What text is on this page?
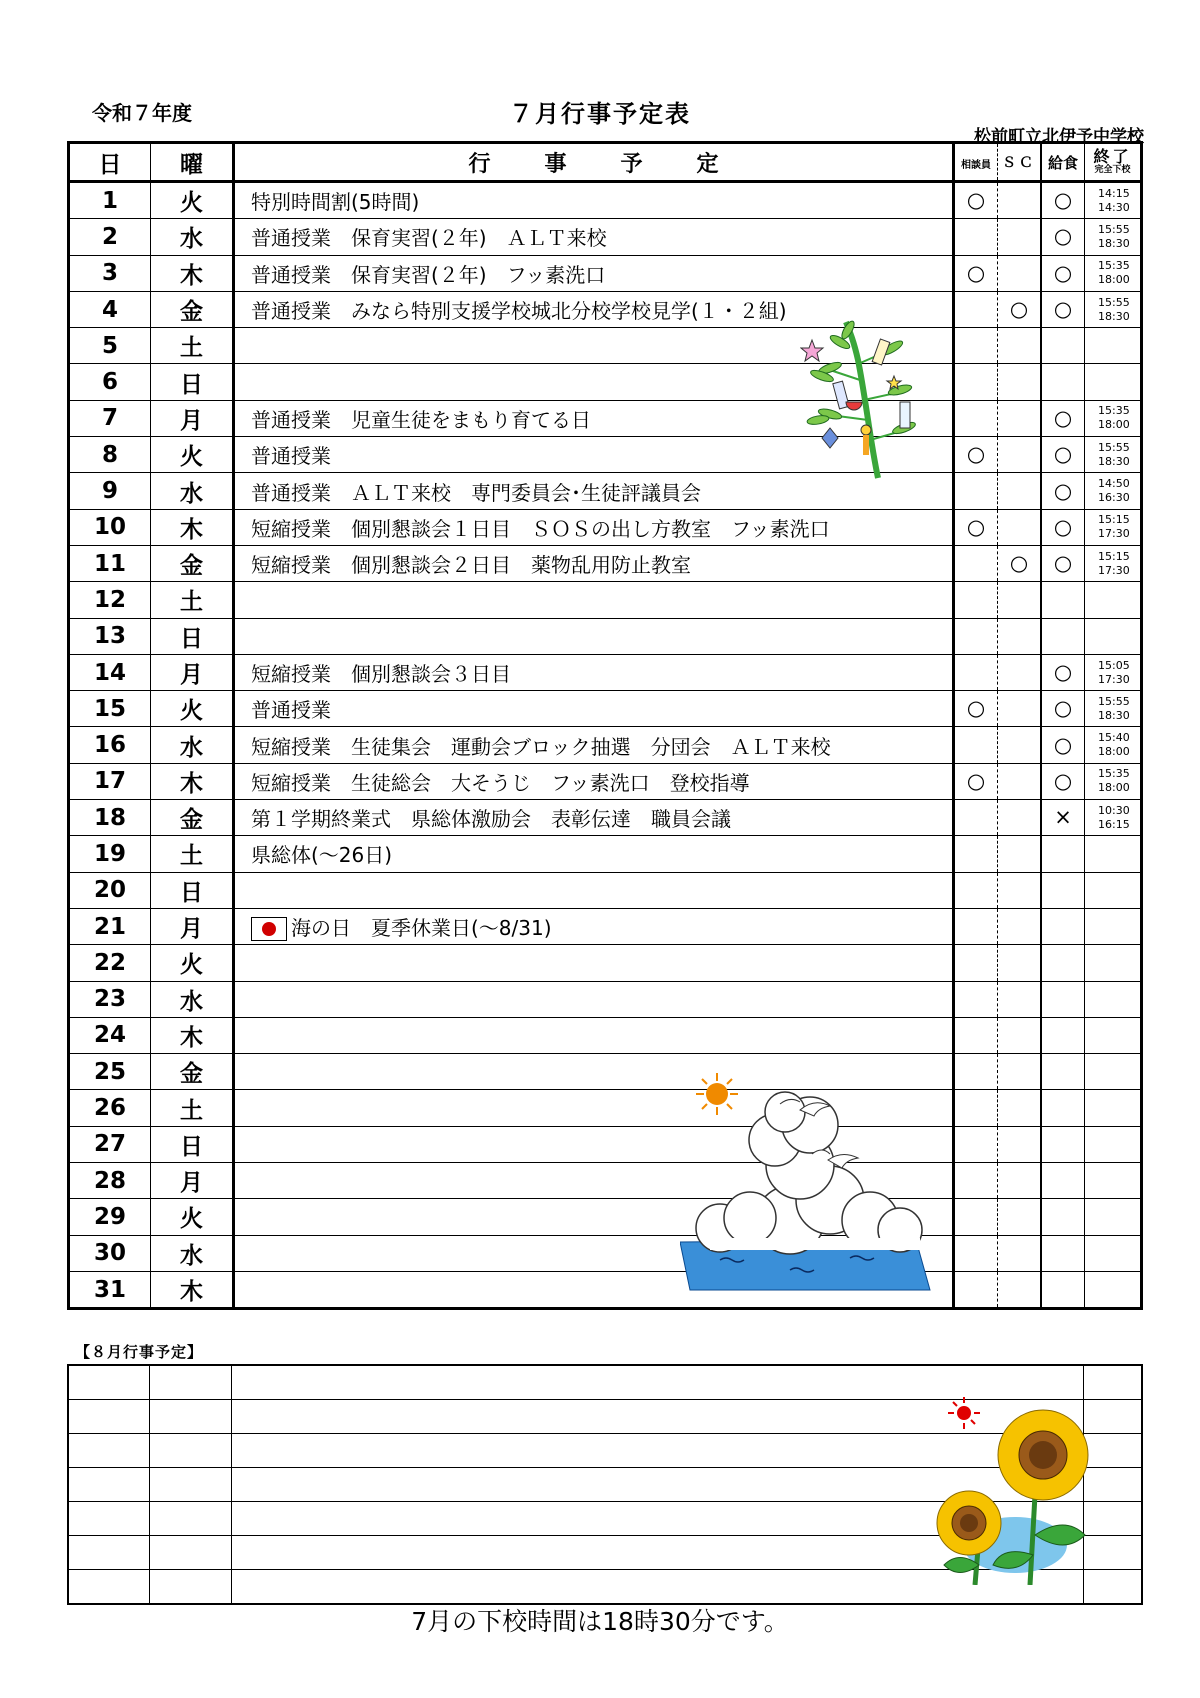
令和７年度	７月行事予定表
松前町立北伊予中学校
日	曜	行事予定	相談員	ＳＣ	給食	終了
完全下校

1	火	特別時間割(5時間)	○		○	14:15
14:30

2	水	普通授業　保育実習(２年)　ＡＬＴ来校			○	15:55
18:30

3	木	普通授業　保育実習(２年)　フッ素洗口	○		○	15:35
18:00

4	金	普通授業　みなら特別支援学校城北分校学校見学(１・２組)		○	○	15:55
18:30

5	土					

6	日					

7	月	普通授業　児童生徒をまもり育てる日			○	15:35
18:00

8	火	普通授業	○		○	15:55
18:30

9	水	普通授業　ＡＬＴ来校　専門委員会･生徒評議員会			○	14:50
16:30

10	木	短縮授業　個別懇談会１日目　ＳＯＳの出し方教室　フッ素洗口	○		○	15:15
17:30

11	金	短縮授業　個別懇談会２日目　薬物乱用防止教室		○	○	15:15
17:30

12	土					

13	日					

14	月	短縮授業　個別懇談会３日目			○	15:05
17:30

15	火	普通授業	○		○	15:55
18:30

16	水	短縮授業　生徒集会　運動会ブロック抽選　分団会　ＡＬＴ来校			○	15:40
18:00

17	木	短縮授業　生徒総会　大そうじ　フッ素洗口　登校指導	○		○	15:35
18:00

18	金	第１学期終業式　県総体激励会　表彰伝達　職員会議			×	10:30
16:15

19	土	県総体(～26日)				

20	日					

21	月	海の日　夏季休業日(～8/31)				

22	火					

23	水					

24	木					

25	金					

26	土					

27	日					

28	月					

29	火					

30	水					

31	木					
【８月行事予定】

7月の下校時間は18時30分です。
